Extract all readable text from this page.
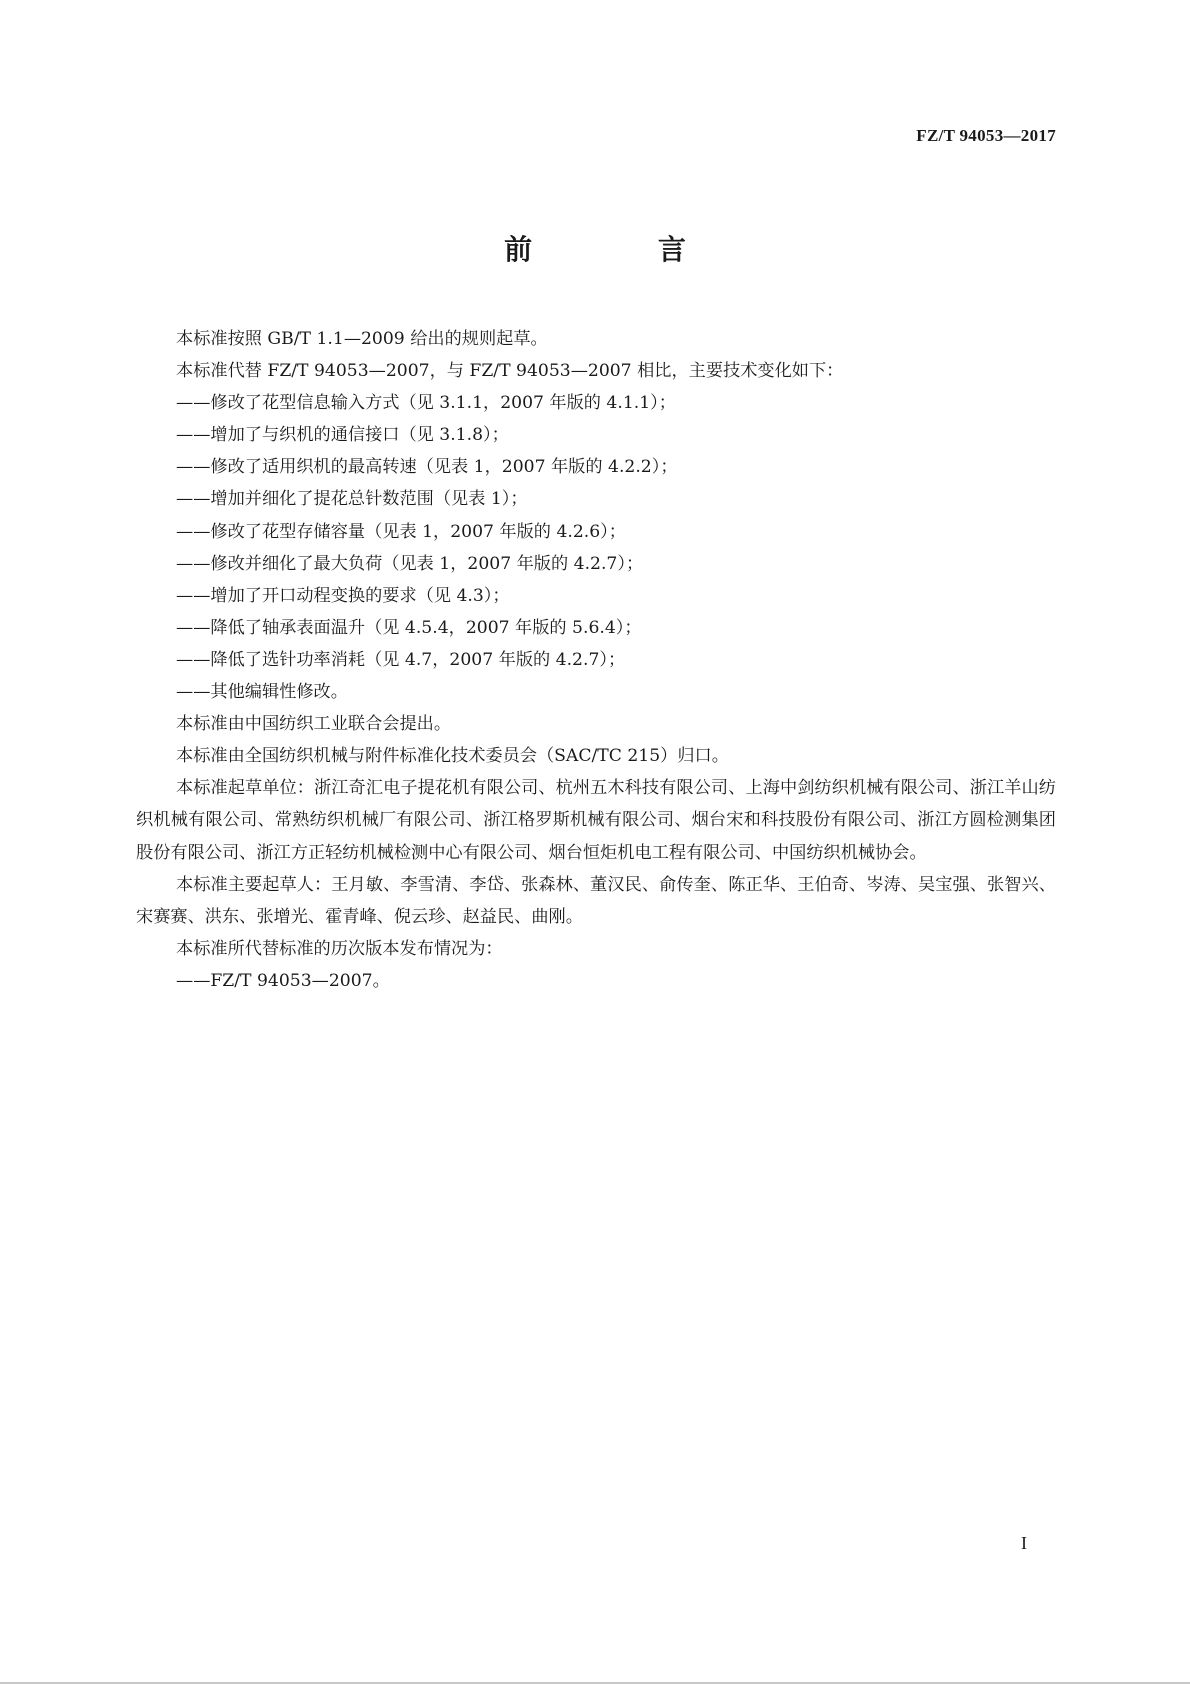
FZ/T 94053—2017
前 言

本标准按照 GB/T 1.1—2009 给出的规则起草。

本标准代替 FZ/T 94053—2007，与 FZ/T 94053—2007 相比，主要技术变化如下：

——修改了花型信息输入方式（见 3.1.1，2007 年版的 4.1.1）；

——增加了与织机的通信接口（见 3.1.8）；

——修改了适用织机的最高转速（见表 1，2007 年版的 4.2.2）；

——增加并细化了提花总针数范围（见表 1）；

——修改了花型存储容量（见表 1，2007 年版的 4.2.6）；

——修改并细化了最大负荷（见表 1，2007 年版的 4.2.7）；

——增加了开口动程变换的要求（见 4.3）；

——降低了轴承表面温升（见 4.5.4，2007 年版的 5.6.4）；

——降低了选针功率消耗（见 4.7，2007 年版的 4.2.7）；

——其他编辑性修改。

本标准由中国纺织工业联合会提出。

本标准由全国纺织机械与附件标准化技术委员会（SAC/TC 215）归口。

本标准起草单位：浙江奇汇电子提花机有限公司、杭州五木科技有限公司、上海中剑纺织机械有限公司、浙江羊山纺织机械有限公司、常熟纺织机械厂有限公司、浙江格罗斯机械有限公司、烟台宋和科技股份有限公司、浙江方圆检测集团股份有限公司、浙江方正轻纺机械检测中心有限公司、烟台恒炬机电工程有限公司、中国纺织机械协会。

本标准主要起草人：王月敏、李雪清、李岱、张森林、董汉民、俞传奎、陈正华、王伯奇、岑涛、吴宝强、张智兴、宋赛赛、洪东、张增光、霍青峰、倪云珍、赵益民、曲刚。

本标准所代替标准的历次版本发布情况为：

——FZ/T 94053—2007。

I
